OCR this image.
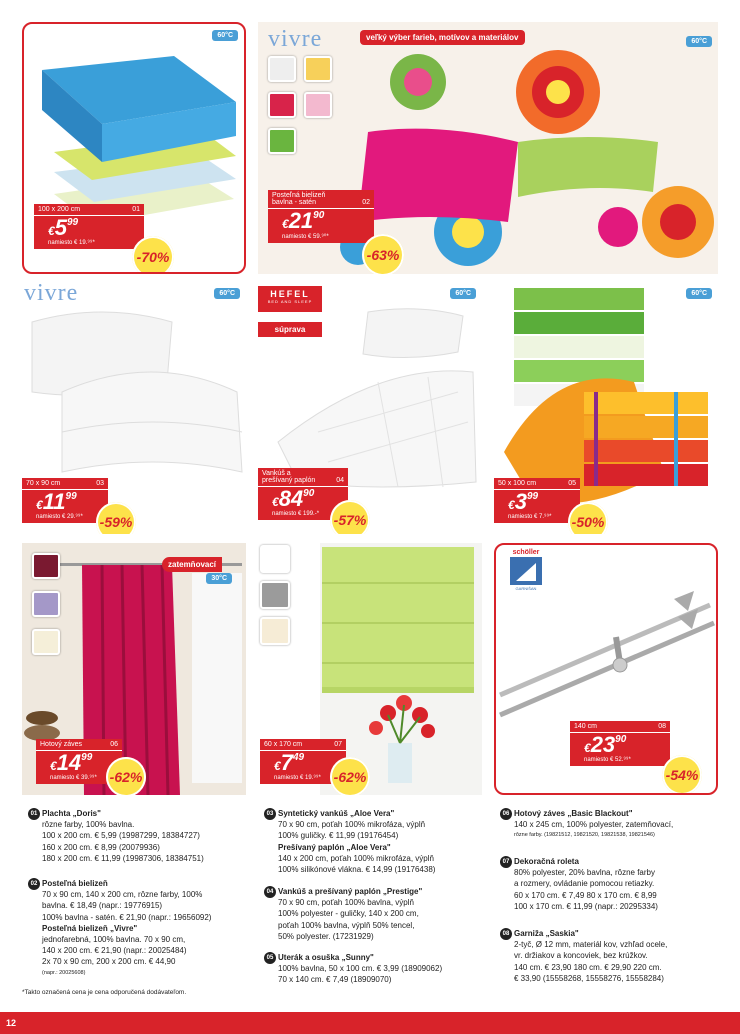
60°C
100 x 200 cm	01
$€5^{99}$
namiesto € 19.⁹⁹*
-70%
vivre	veľký výber farieb, motívov a materiálov	60°C
Posteľná bielizeň
bavlna - satén	02
$€21^{90}$
namiesto € 59.⁹⁰*
-63%
vivre	60°C
70 x 90 cm	03
$€11^{99}$
namiesto € 29.⁹⁹*	-59%
HEFEL
BED AND SLEEP
súprava
60°C
Vankúš a
prešívaný paplón	04
$€84^{90}$
namiesto € 199.-*	-57%
60°C
50 x 100 cm	05
$€3^{99}$
namiesto € 7.⁹⁹*	-50%
zatemňovací
30°C
Hotový záves	06
$€14^{99}$
namiesto € 39.⁹⁹* -62%
60 x 170 cm	07
$€7^{49}$
namiesto € 19.⁹⁹* -62%
schöller
GARNIŠAN
140 cm	08
$€23^{90}$
namiesto € 52.⁹⁹*
-54%
01 Plachta „Doris"
rôzne farby, 100% bavlna.
100 x 200 cm. € 5,99 (19987299, 18384727)
160 x 200 cm. € 8,99 (20079936)
180 x 200 cm. € 11,99 (19987306, 18384751)
02 Posteľná bielizeň
70 x 90 cm, 140 x 200 cm, rôzne farby, 100%
bavlna. € 18,49 (napr.: 19776915)
100% bavlna - satén. € 21,90 (napr.: 19656092)
Posteľná bielizeň „Vivre"
jednofarebná, 100% bavlna. 70 x 90 cm,
140 x 200 cm. € 21,90 (napr.: 20025484)
2x 70 x 90 cm, 200 x 200 cm. € 44,90
(napr.: 20025608)
03 Syntetický vankúš „Aloe Vera"
70 x 90 cm, poťah 100% mikrofáza, výplň
100% guličky. € 11,99 (19176454)
Prešívaný paplón „Aloe Vera"
140 x 200 cm, poťah 100% mikrofáza, výplň
100% silikónové vlákna. € 14,99 (19176438)
04 Vankúš a prešívaný paplón „Prestige"
70 x 90 cm, poťah 100% bavlna, výplň
100% polyester - guličky, 140 x 200 cm,
poťah 100% bavlna, výplň 50% tencel,
50% polyester. (17231929)
05 Uterák a osuška „Sunny"
100% bavlna, 50 x 100 cm. € 3,99 (18909062)
70 x 140 cm. € 7,49 (18909070)
06 Hotový záves „Basic Blackout"
140 x 245 cm, 100% polyester, zatemňovací,
rôzne farby. (19821512, 19821520, 19821538, 19821546)
07 Dekoračná roleta
80% polyester, 20% bavlna, rôzne farby
a rozmery, ovládanie pomocou retiazky.
60 x 170 cm. € 7,49 80 x 170 cm. € 8,99
100 x 170 cm. € 11,99 (napr.: 20295334)
08 Garniža „Saskia"
2-tyč, Ø 12 mm, materiál kov, vzhľad ocele,
vr. držiakov a koncoviek, bez krúžkov.
140 cm. € 23,90 180 cm. € 29,90 220 cm.
€ 33,90 (15558268, 15558276, 15558284)
*Takto označená cena je cena odporučená dodávateľom.
12
